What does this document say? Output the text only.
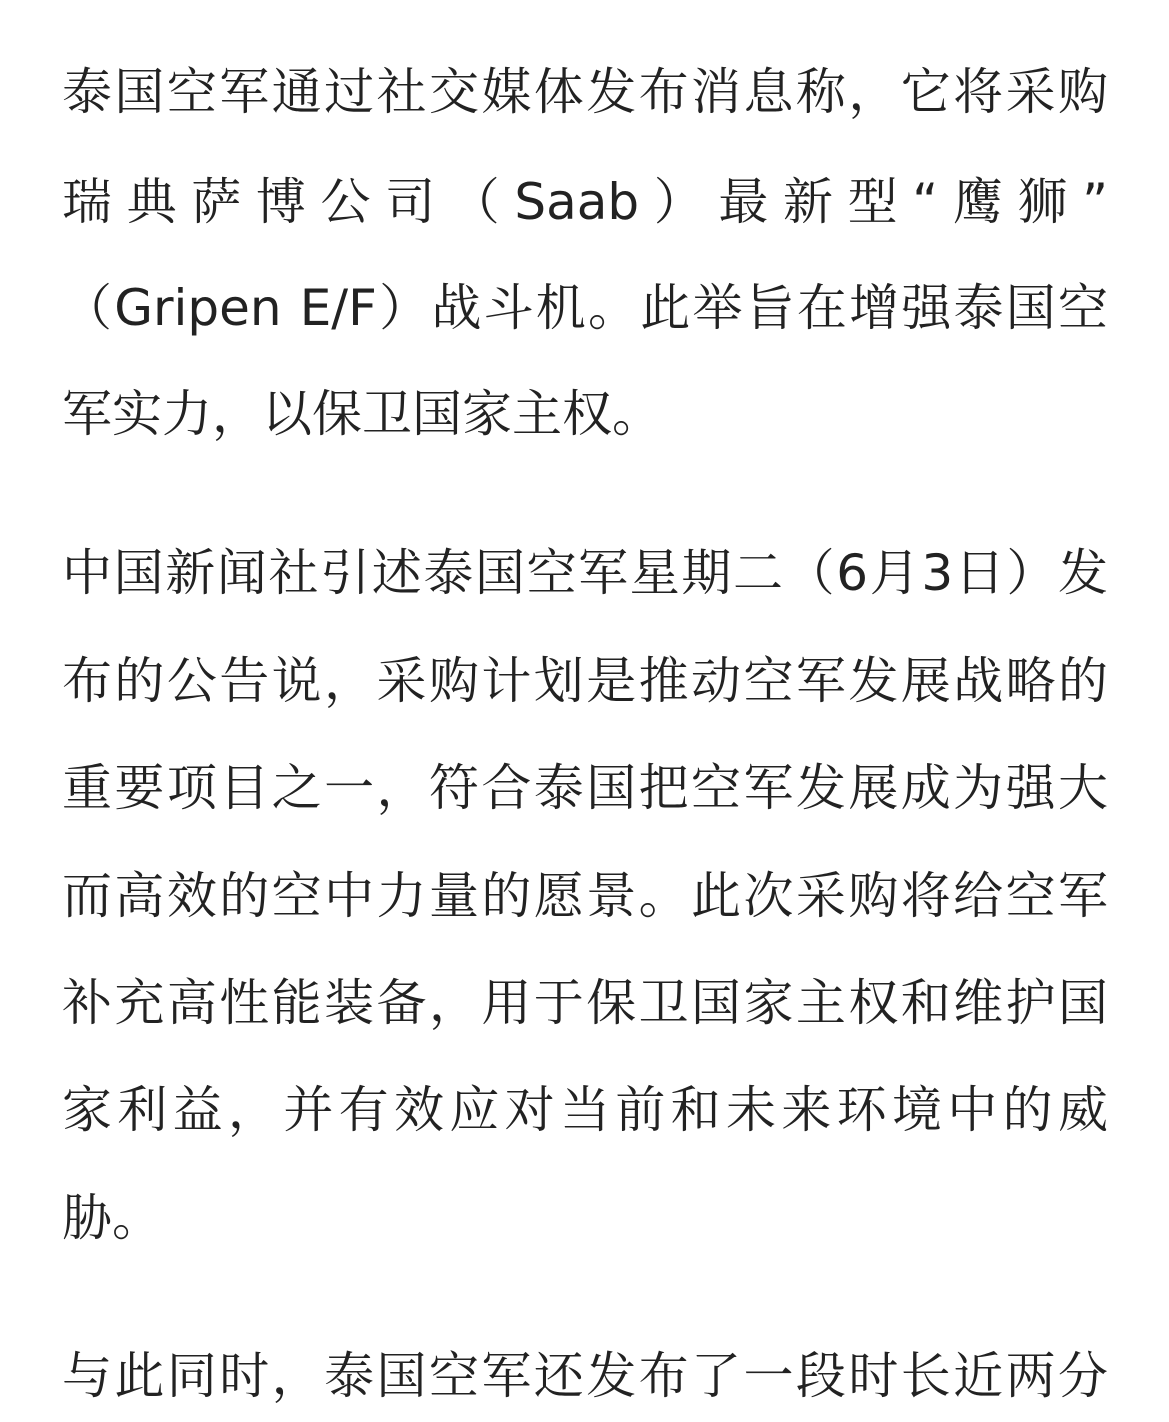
泰国空军通过社交媒体发布消息称，它将采购
瑞典萨博公司（Saab）最新型“鹰狮”
（Gripen E/F）战斗机。此举旨在增强泰国空
军实力，以保卫国家主权。
中国新闻社引述泰国空军星期二（6月3日）发
布的公告说，采购计划是推动空军发展战略的
重要项目之一，符合泰国把空军发展成为强大
而高效的空中力量的愿景。此次采购将给空军
补充高性能装备，用于保卫国家主权和维护国
家利益，并有效应对当前和未来环境中的威
胁。
与此同时，泰国空军还发布了一段时长近两分
